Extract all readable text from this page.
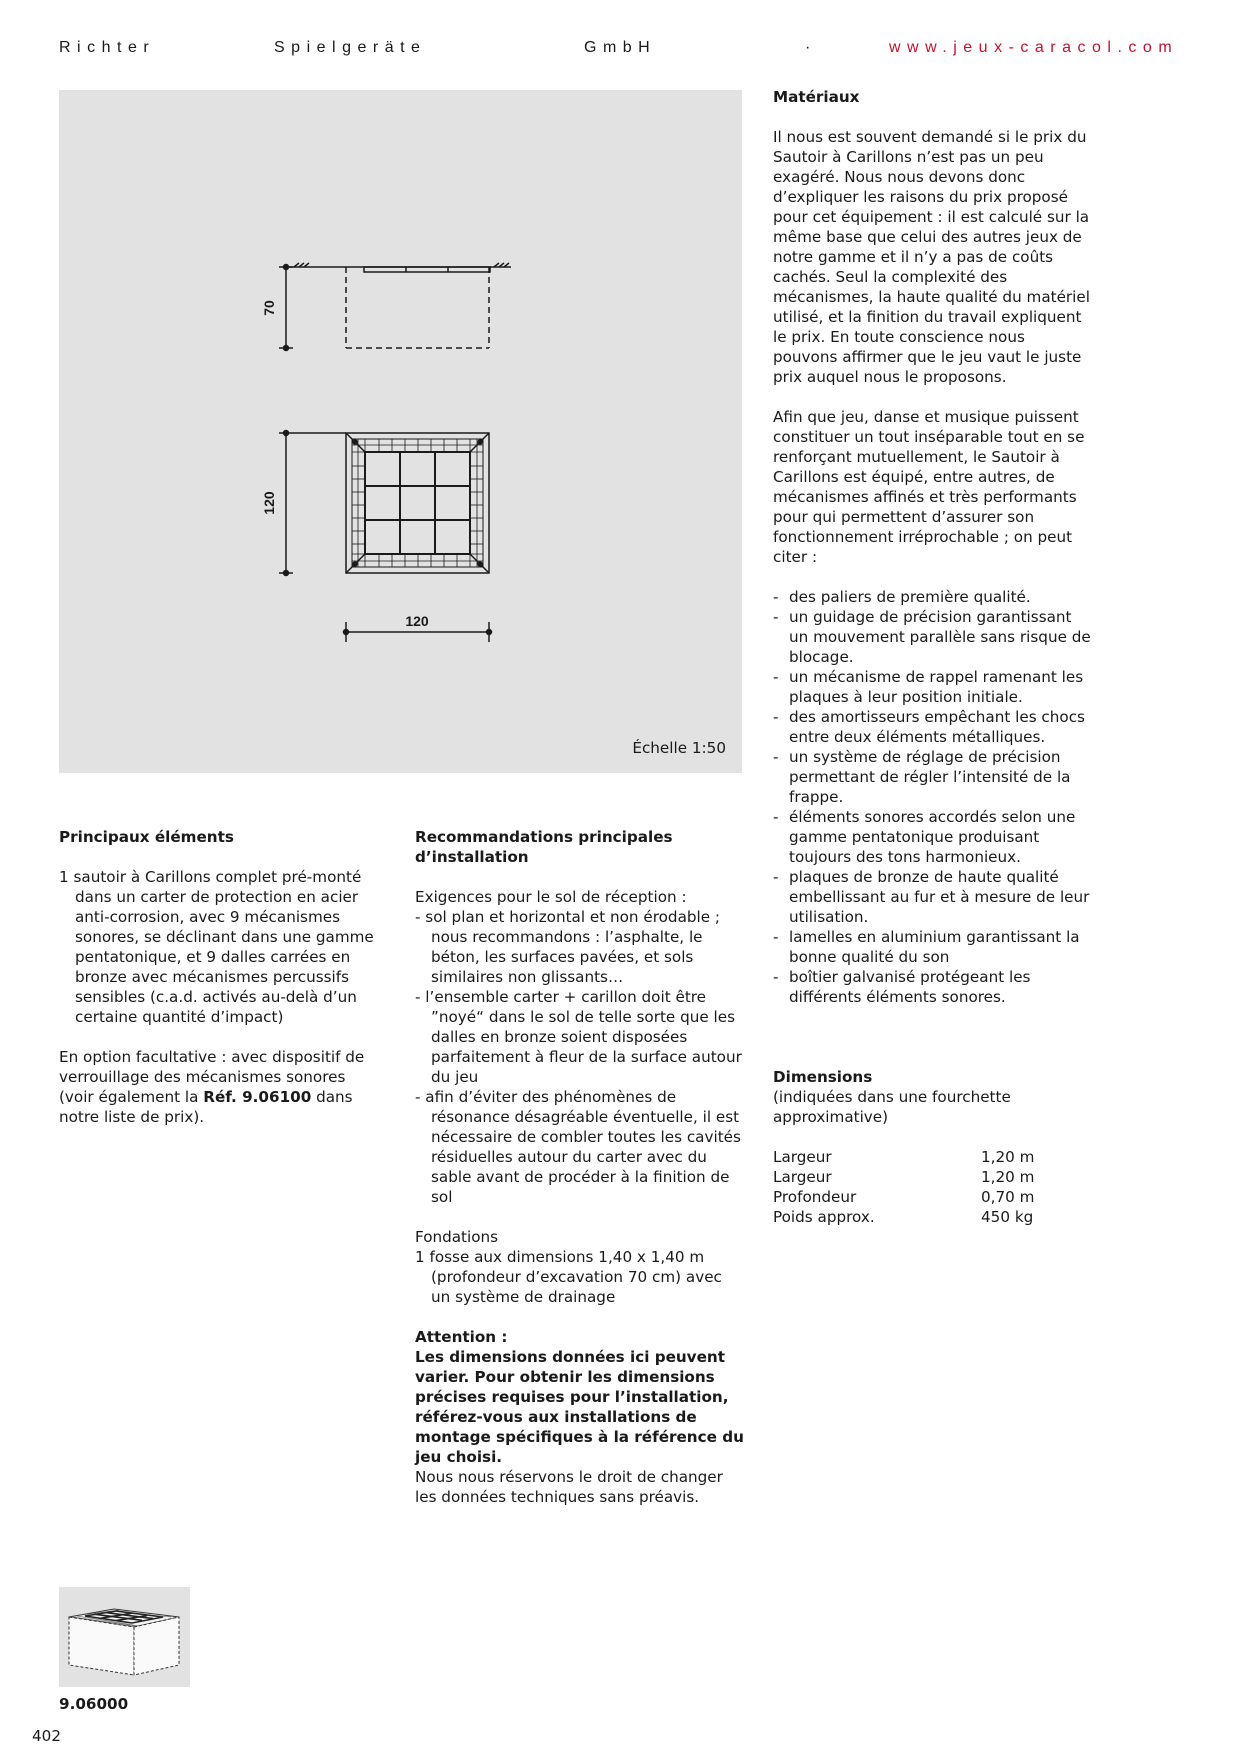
Richter	Spielgeräte	GmbH	·	www.jeux-caracol.com
70
120
120
Échelle 1:50

Principaux éléments

1 sautoir à Carillons complet pré-monté dans un carter de protection en acier anti-corrosion, avec 9 mécanismes sonores, se déclinant dans une gamme pentatonique, et 9 dalles carrées en bronze avec mécanismes percussifs sensibles (c.a.d. activés au-delà d’un certaine quantité d’impact)

En option facultative : avec dispositif de verrouillage des mécanismes sonores (voir également la Réf. 9.06100 dans notre liste de prix).

Recommandations principales

d’installation

Exigences pour le sol de réception :

- sol plan et horizontal et non érodable ; nous recommandons : l’asphalte, le béton, les surfaces pavées, et sols similaires non glissants…

- l’ensemble carter + carillon doit être ”noyé“ dans le sol de telle sorte que les dalles en bronze soient disposées parfaitement à fleur de la surface autour du jeu

- afin d’éviter des phénomènes de résonance désagréable éventuelle, il est nécessaire de combler toutes les cavités résiduelles autour du carter avec du sable avant de procéder à la finition de sol

Fondations

1 fosse aux dimensions 1,40 x 1,40 m (profondeur d’excavation 70 cm) avec un système de drainage

Attention :

Les dimensions données ici peuvent varier. Pour obtenir les dimensions précises requises pour l’installation, référez-vous aux installations de montage spécifiques à la référence du jeu choisi.

Nous nous réservons le droit de changer les données techniques sans préavis.

Matériaux

Il nous est souvent demandé si le prix du Sautoir à Carillons n’est pas un peu exagéré. Nous nous devons donc d’expliquer les raisons du prix proposé pour cet équipement : il est calculé sur la même base que celui des autres jeux de notre gamme et il n’y a pas de coûts cachés. Seul la complexité des mécanismes, la haute qualité du matériel utilisé, et la finition du travail expliquent le prix. En toute conscience nous pouvons affirmer que le jeu vaut le juste prix auquel nous le proposons.

Afin que jeu, danse et musique puissent constituer un tout inséparable tout en se renforçant mutuellement, le Sautoir à Carillons est équipé, entre autres, de mécanismes affinés et très performants pour qui permettent d’assurer son fonctionnement irréprochable ; on peut citer :

- des paliers de première qualité.
- un guidage de précision garantissant un mouvement parallèle sans risque de blocage.
- un mécanisme de rappel ramenant les plaques à leur position initiale.
- des amortisseurs empêchant les chocs entre deux éléments métalliques.
- un système de réglage de précision permettant de régler l’intensité de la frappe.
- éléments sonores accordés selon une gamme pentatonique produisant toujours des tons harmonieux.
- plaques de bronze de haute qualité embellissant au fur et à mesure de leur utilisation.
- lamelles en aluminium garantissant la bonne qualité du son
- boîtier galvanisé protégeant les différents éléments sonores.

Dimensions

(indiquées dans une fourchette approximative)

Largeur	1,20 m
Largeur	1,20 m
Profondeur	0,70 m
Poids approx.	450 kg
9.06000
402
